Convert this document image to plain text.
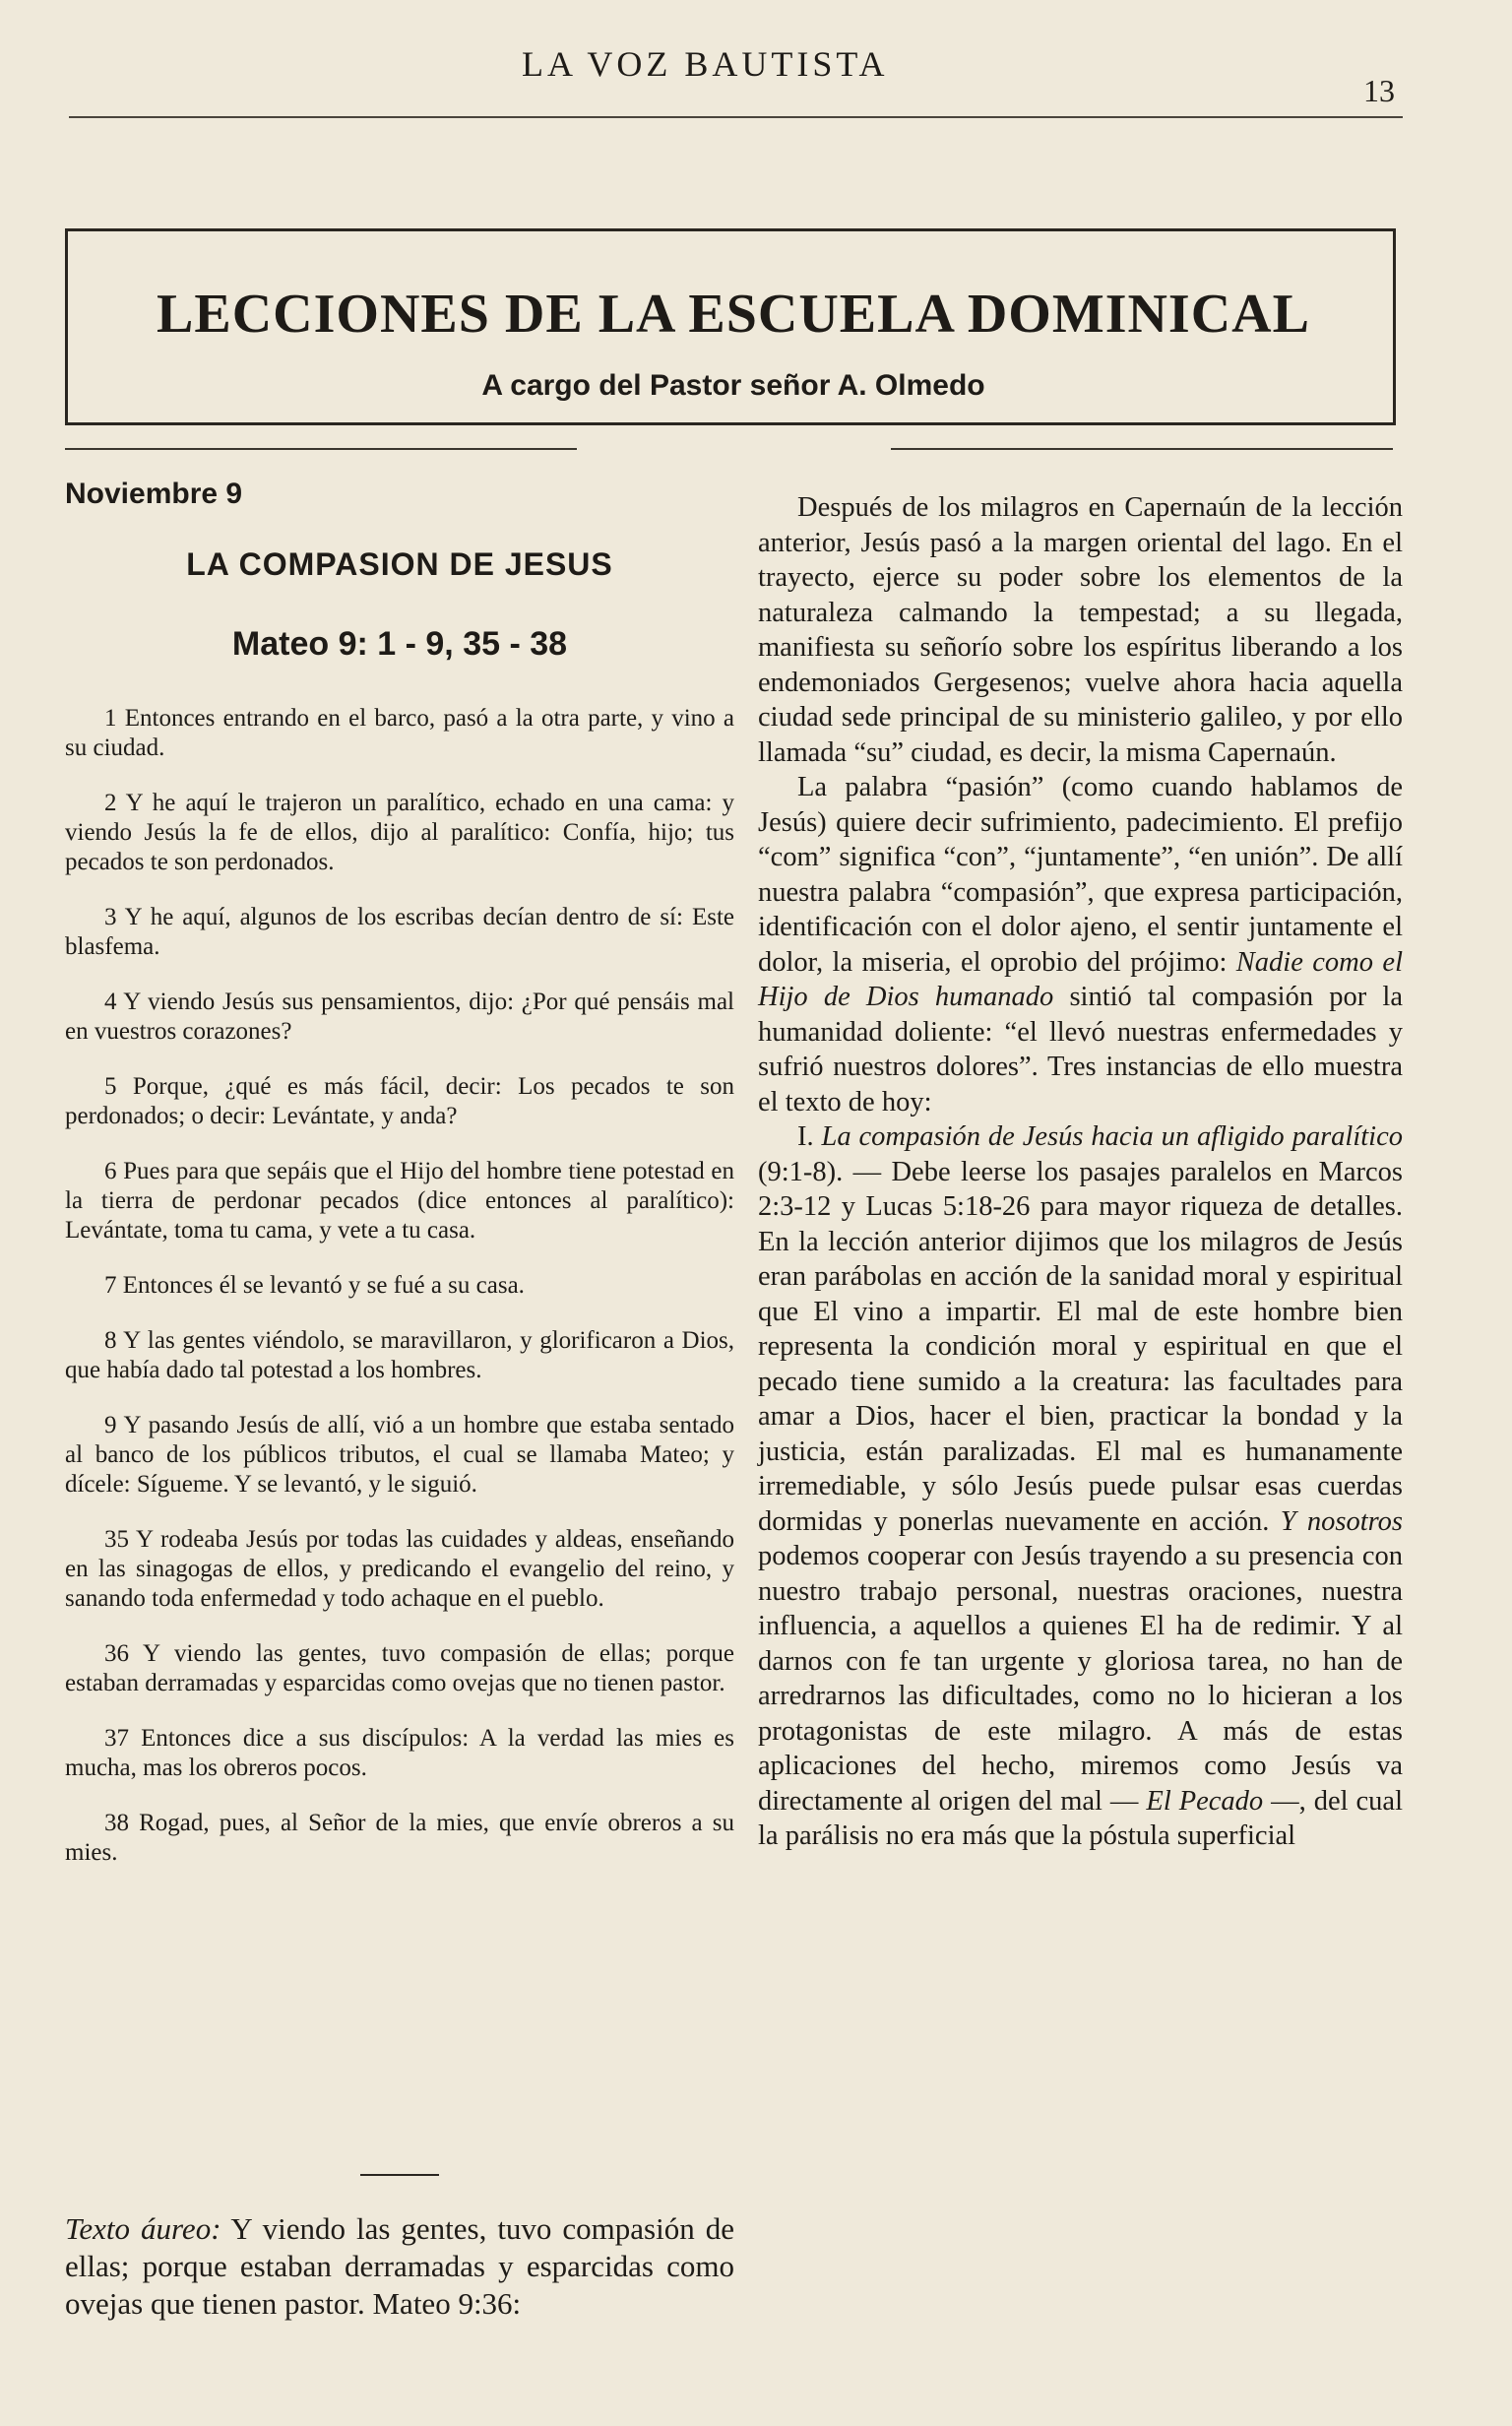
LA VOZ BAUTISTA
13
LECCIONES DE LA ESCUELA DOMINICAL
A cargo del Pastor señor A. Olmedo
Noviembre 9
LA COMPASION DE JESUS
Mateo 9: 1 - 9, 35 - 38

1 Entonces entrando en el barco, pasó a la otra parte, y vino a su ciudad.

2 Y he aquí le trajeron un paralítico, echado en una cama: y viendo Jesús la fe de ellos, dijo al paralítico: Confía, hijo; tus pecados te son perdonados.

3 Y he aquí, algunos de los escribas decían dentro de sí: Este blasfema.

4 Y viendo Jesús sus pensamientos, dijo: ¿Por qué pensáis mal en vuestros corazones?

5 Porque, ¿qué es más fácil, decir: Los pecados te son perdonados; o decir: Levántate, y anda?

6 Pues para que sepáis que el Hijo del hombre tiene potestad en la tierra de perdonar pecados (dice entonces al paralítico): Levántate, toma tu cama, y vete a tu casa.

7 Entonces él se levantó y se fué a su casa.

8 Y las gentes viéndolo, se maravillaron, y glorificaron a Dios, que había dado tal potestad a los hombres.

9 Y pasando Jesús de allí, vió a un hombre que estaba sentado al banco de los públicos tributos, el cual se llamaba Mateo; y dícele: Sígueme. Y se levantó, y le siguió.

35 Y rodeaba Jesús por todas las cuidades y aldeas, enseñando en las sinagogas de ellos, y predicando el evangelio del reino, y sanando toda enfermedad y todo achaque en el pueblo.

36 Y viendo las gentes, tuvo compasión de ellas; porque estaban derramadas y esparcidas como ovejas que no tienen pastor.

37 Entonces dice a sus discípulos: A la verdad las mies es mucha, mas los obreros pocos.

38 Rogad, pues, al Señor de la mies, que envíe obreros a su mies.

Texto áureo: Y viendo las gentes, tuvo compasión de ellas; porque estaban derramadas y esparcidas como ovejas que tienen pastor. Mateo 9:36:

Después de los milagros en Capernaún de la lección anterior, Jesús pasó a la margen oriental del lago. En el trayecto, ejerce su poder sobre los elementos de la naturaleza calmando la tempestad; a su llegada, manifiesta su señorío sobre los espíritus liberando a los endemoniados Gergesenos; vuelve ahora hacia aquella ciudad sede principal de su ministerio galileo, y por ello llamada “su” ciudad, es decir, la misma Capernaún.

La palabra “pasión” (como cuando hablamos de Jesús) quiere decir sufrimiento, padecimiento. El prefijo “com” significa “con”, “juntamente”, “en unión”. De allí nuestra palabra “compasión”, que expresa participación, identificación con el dolor ajeno, el sentir juntamente el dolor, la miseria, el oprobio del prójimo: Nadie como el Hijo de Dios humanado sintió tal compasión por la humanidad doliente: “el llevó nuestras enfermedades y sufrió nuestros dolores”. Tres instancias de ello muestra el texto de hoy:

I. La compasión de Jesús hacia un afligido paralítico (9:1-8). — Debe leerse los pasajes paralelos en Marcos 2:3-12 y Lucas 5:18-26 para mayor riqueza de detalles. En la lección anterior dijimos que los milagros de Jesús eran parábolas en acción de la sanidad moral y espiritual que El vino a impartir. El mal de este hombre bien representa la condición moral y espiritual en que el pecado tiene sumido a la creatura: las facultades para amar a Dios, hacer el bien, practicar la bondad y la justicia, están paralizadas. El mal es humanamente irremediable, y sólo Jesús puede pulsar esas cuerdas dormidas y ponerlas nuevamente en acción. Y nosotros podemos cooperar con Jesús trayendo a su presencia con nuestro trabajo personal, nuestras oraciones, nuestra influencia, a aquellos a quienes El ha de redimir. Y al darnos con fe tan urgente y gloriosa tarea, no han de arredrarnos las dificultades, como no lo hicieran a los protagonistas de este milagro. A más de estas aplicaciones del hecho, miremos como Jesús va directamente al origen del mal — El Pecado —, del cual la parálisis no era más que la póstula superficial
